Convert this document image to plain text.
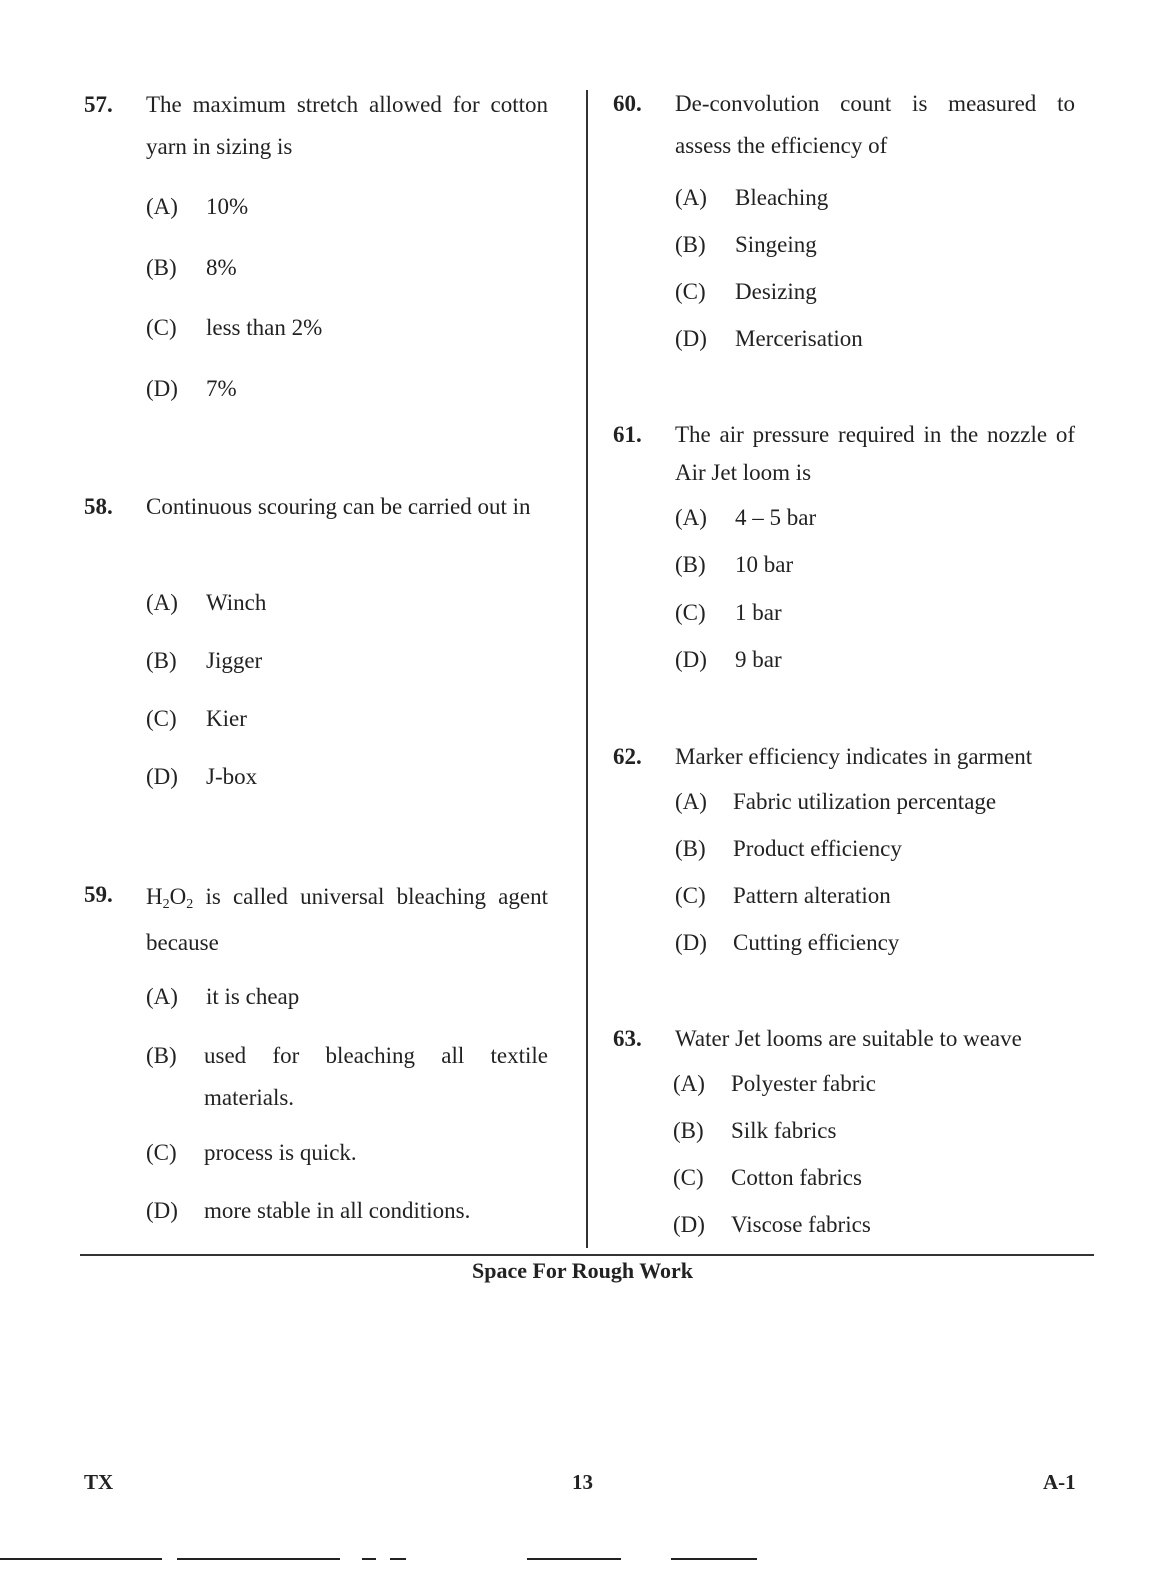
57. The maximum stretch allowed for cotton yarn in sizing is
(A) 10%
(B) 8%
(C) less than 2%
(D) 7%
58. Continuous scouring can be carried out in
(A) Winch
(B) Jigger
(C) Kier
(D) J-box
59. $H_2O_2$ is called universal bleaching agent because
(A) it is cheap
(B)	used for bleaching all textile materials.
(C) process is quick.
(D) more stable in all conditions.
60. De-convolution count is measured to assess the efficiency of
(A) Bleaching
(B) Singeing
(C) Desizing
(D) Mercerisation
61. The air pressure required in the nozzle of Air Jet loom is
(A) 4 – 5 bar
(B) 10 bar
(C) 1 bar
(D) 9 bar
62. Marker efficiency indicates in garment
(A) Fabric utilization percentage
(B) Product efficiency
(C) Pattern alteration
(D) Cutting efficiency
63. Water Jet looms are suitable to weave
(A) Polyester fabric
(B) Silk fabrics
(C) Cotton fabrics
(D) Viscose fabrics
Space For Rough Work
TX	13	A-1
